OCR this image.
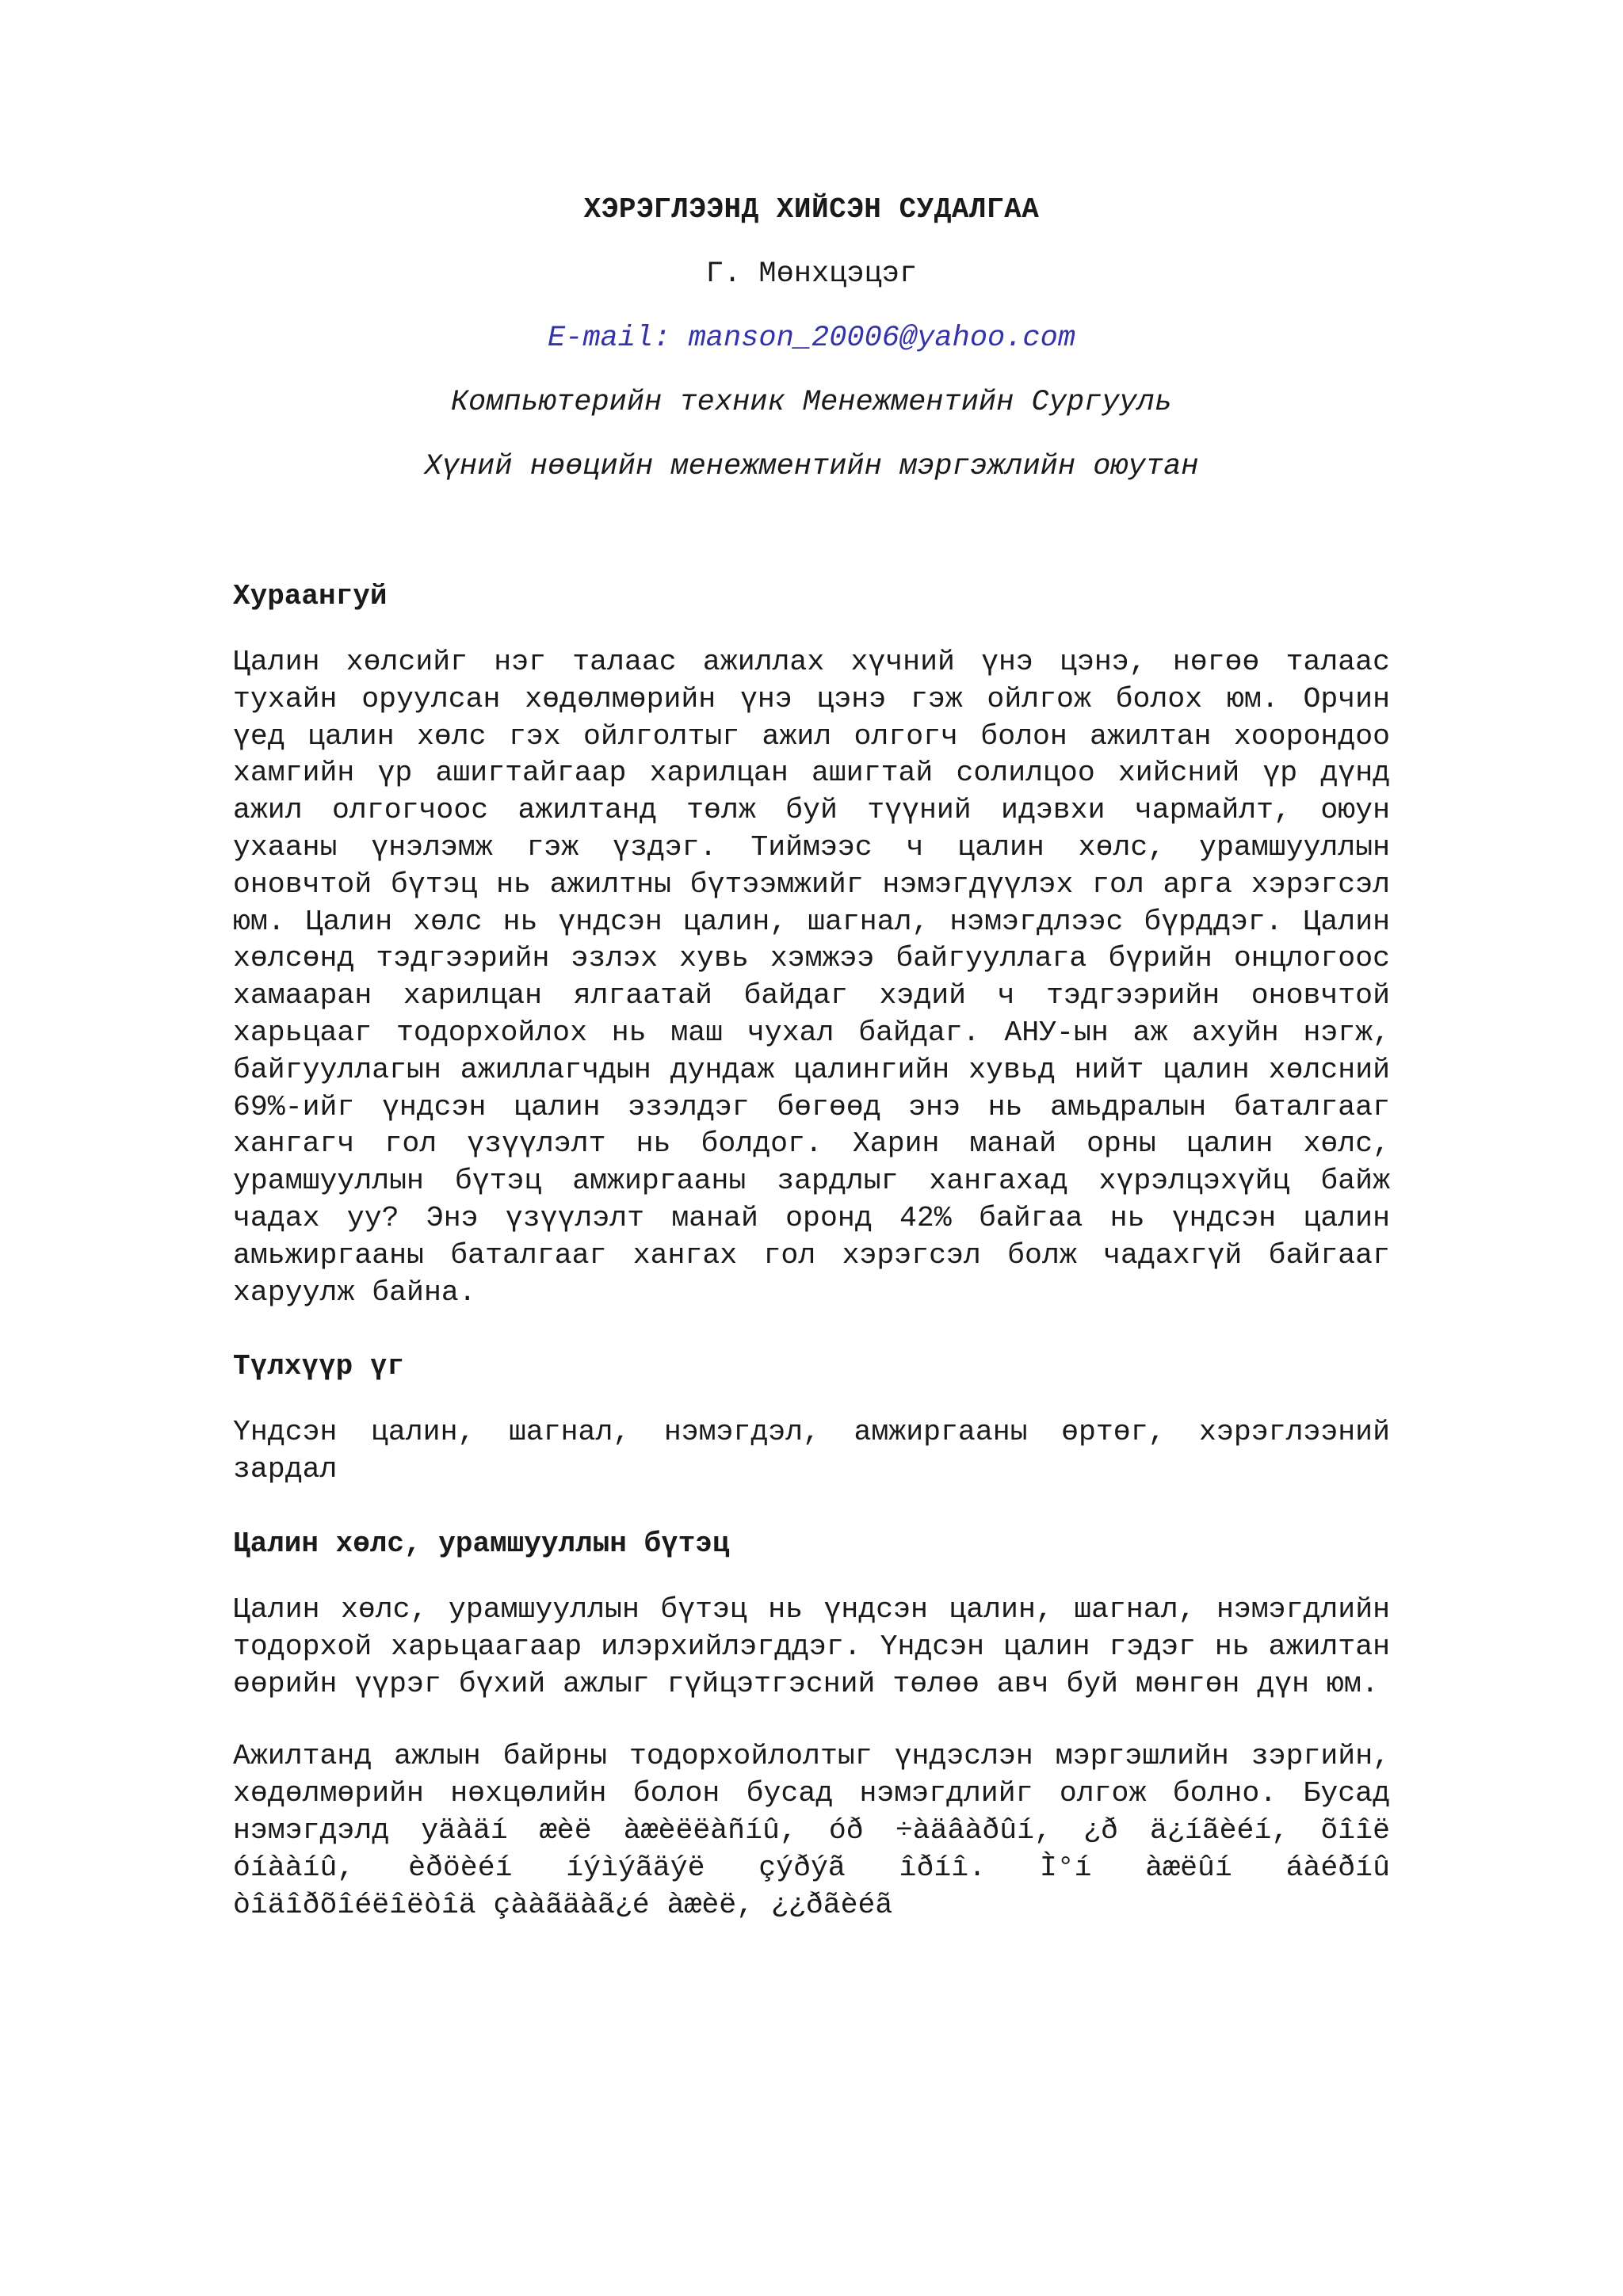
ХЭРЭГЛЭЭНД ХИЙСЭН СУДАЛГАА
Г. Мөнхцэцэг
E-mail: manson_20006@yahoo.com
Компьютерийн техник Менежментийн Сургууль
Хүний нөөцийн менежментийн мэргэжлийн оюутан
Хураангуй

Цалин хөлсийг нэг талаас ажиллах хүчний үнэ цэнэ, нөгөө талаас тухайн оруулсан хөдөлмөрийн үнэ цэнэ гэж ойлгож болох юм. Орчин үед цалин хөлс гэх ойлголтыг ажил олгогч болон ажилтан хоорондоо хамгийн үр ашигтайгаар харилцан ашигтай солилцоо хийсний үр дүнд ажил олгогчоос ажилтанд төлж буй түүний идэвхи чармайлт, оюун ухааны үнэлэмж гэж үздэг. Тиймээс ч цалин хөлс, урамшууллын оновчтой бүтэц нь ажилтны бүтээмжийг нэмэгдүүлэх гол арга хэрэгсэл юм. Цалин хөлс нь үндсэн цалин, шагнал, нэмэгдлээс бүрддэг. Цалин хөлсөнд тэдгээрийн эзлэх хувь хэмжээ байгууллага бүрийн онцлогоос хамааран харилцан ялгаатай байдаг хэдий ч тэдгээрийн оновчтой харьцааг тодорхойлох нь маш чухал байдаг. АНУ-ын аж ахуйн нэгж, байгууллагын ажиллагчдын дундаж цалингийн хувьд нийт цалин хөлсний 69%-ийг үндсэн цалин эзэлдэг бөгөөд энэ нь амьдралын баталгааг хангагч гол үзүүлэлт нь болдог. Харин манай орны цалин хөлс, урамшууллын бүтэц амжиргааны зардлыг хангахад хүрэлцэхүйц байж чадах уу? Энэ үзүүлэлт манай оронд 42% байгаа нь үндсэн цалин амьжиргааны баталгааг хангах гол хэрэгсэл болж чадахгүй байгааг харуулж байна.

Түлхүүр үг

Үндсэн цалин, шагнал, нэмэгдэл, амжиргааны өртөг, хэрэглээний зардал

Цалин хөлс, урамшууллын бүтэц

Цалин хөлс, урамшууллын бүтэц нь үндсэн цалин, шагнал, нэмэгдлийн тодорхой харьцаагаар илэрхийлэгддэг. Үндсэн цалин гэдэг нь ажилтан өөрийн үүрэг бүхий ажлыг гүйцэтгэсний төлөө авч буй мөнгөн дүн юм.

Ажилтанд ажлын байрны тодорхойлолтыг үндэслэн мэргэшлийн зэргийн, хөдөлмөрийн нөхцөлийн болон бусад нэмэгдлийг олгож болно. Бусад нэмэгдэлд уäàäí æèë àæèëëàñíû, óð ÷àäâàðûí, ¿ð ä¿íãèéí, õîîë óíààíû, èðöèéí íýìýãäýë çýðýã îðíî. Ì°í àæëûí áàéðíû òîäîðõîéëîëòîä çààãäàã¿é àæèë, ¿¿ðãèéã
